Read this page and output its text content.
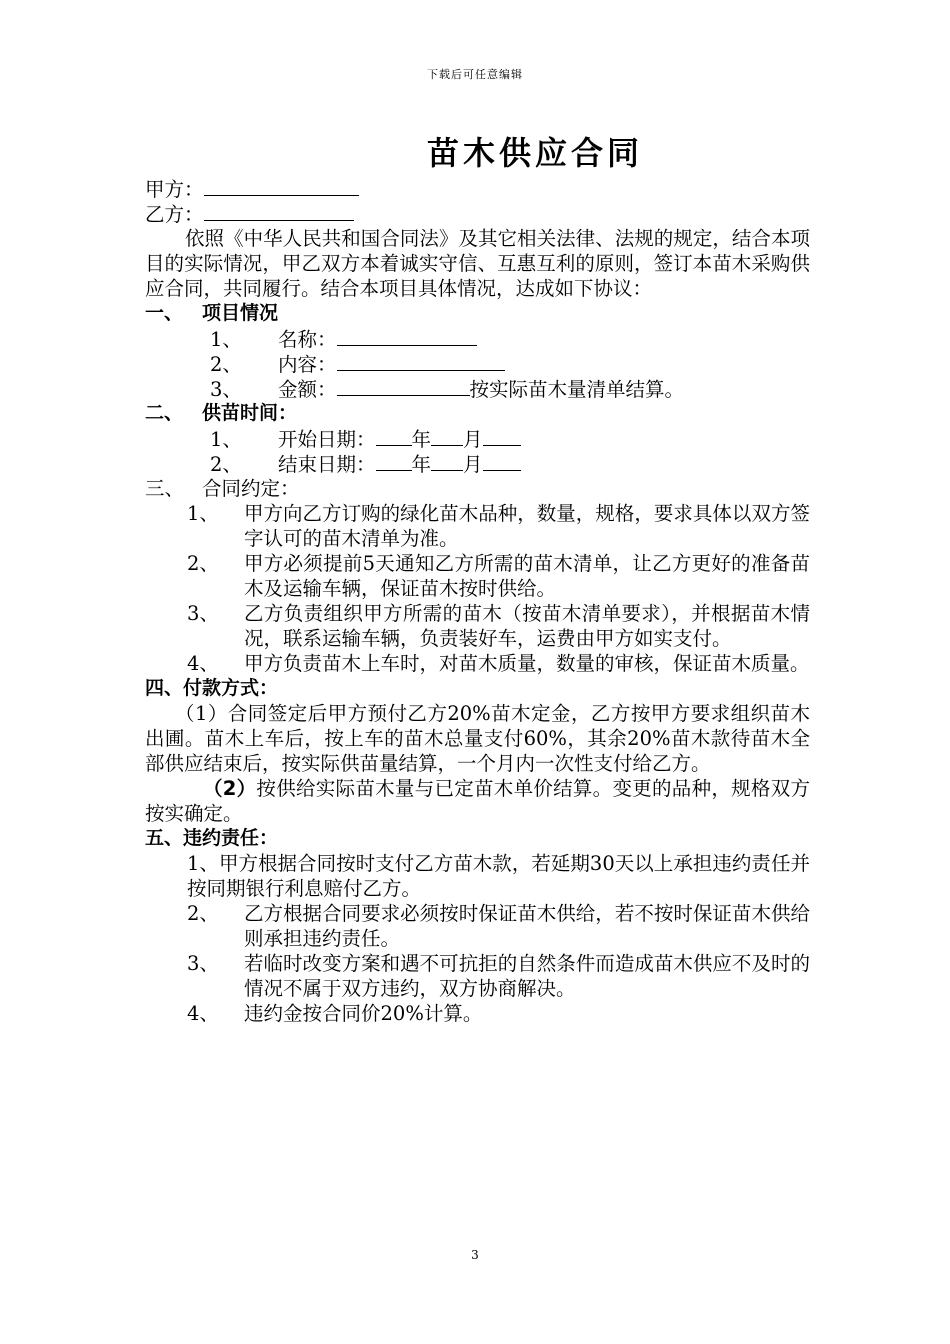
下载后可任意编辑
苗木供应合同
甲方：
乙方：
依照《中华人民共和国合同法》及其它相关法律、法规的规定，结合本项目的实际情况，甲乙双方本着诚实守信、互惠互利的原则，签订本苗木采购供应合同，共同履行。结合本项目具体情况，达成如下协议：
一、 项目情况
1、 名称：
2、 内容：
3、 金额：	按实际苗木量清单结算。
二、 供苗时间：
1、 开始日期： 年 月
2、 结束日期： 年 月
三、 合同约定：
1、	甲方向乙方订购的绿化苗木品种，数量，规格，要求具体以双方签字认可的苗木清单为准。
2、	甲方必须提前5天通知乙方所需的苗木清单，让乙方更好的准备苗木及运输车辆，保证苗木按时供给。
3、	乙方负责组织甲方所需的苗木（按苗木清单要求），并根据苗木情况，联系运输车辆，负责装好车，运费由甲方如实支付。
4、	甲方负责苗木上车时，对苗木质量，数量的审核，保证苗木质量。
四、付款方式：
（1）合同签定后甲方预付乙方20%苗木定金，乙方按甲方要求组织苗木出圃。苗木上车后，按上车的苗木总量支付60%，其余20%苗木款待苗木全部供应结束后，按实际供苗量结算，一个月内一次性支付给乙方。
（2）按供给实际苗木量与已定苗木单价结算。变更的品种，规格双方按实确定。
五、违约责任：
1、甲方根据合同按时支付乙方苗木款，若延期30天以上承担违约责任并按同期银行利息赔付乙方。
2、	乙方根据合同要求必须按时保证苗木供给，若不按时保证苗木供给则承担违约责任。
3、	若临时改变方案和遇不可抗拒的自然条件而造成苗木供应不及时的情况不属于双方违约，双方协商解决。
4、	违约金按合同价20%计算。
3
